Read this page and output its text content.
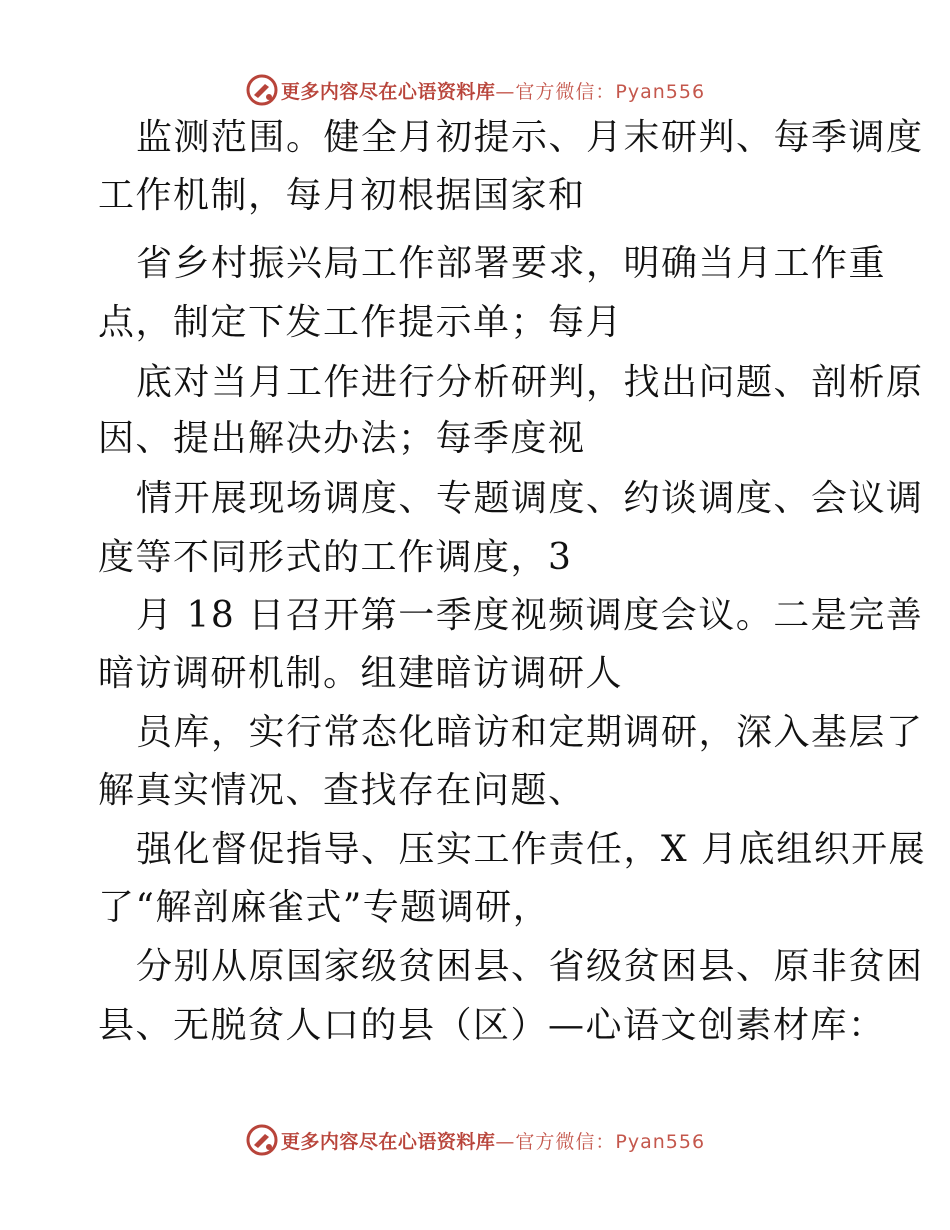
更多内容尽在心语资料库 —官方微信：Pyan556
监测范围。健全月初提示、月末研判、每季调度
工作机制，每月初根据国家和
省乡村振兴局工作部署要求，明确当月工作重
点，制定下发工作提示单；每月
底对当月工作进行分析研判，找出问题、剖析原
因、提出解决办法；每季度视
情开展现场调度、专题调度、约谈调度、会议调
度等不同形式的工作调度，3
月 18 日召开第一季度视频调度会议。二是完善
暗访调研机制。组建暗访调研人
员库，实行常态化暗访和定期调研，深入基层了
解真实情况、查找存在问题、
强化督促指导、压实工作责任，X 月底组织开展
了“解剖麻雀式”专题调研，
分别从原国家级贫困县、省级贫困县、原非贫困
县、无脱贫人口的县（区）—心语文创素材库：
更多内容尽在心语资料库 —官方微信：Pyan556
